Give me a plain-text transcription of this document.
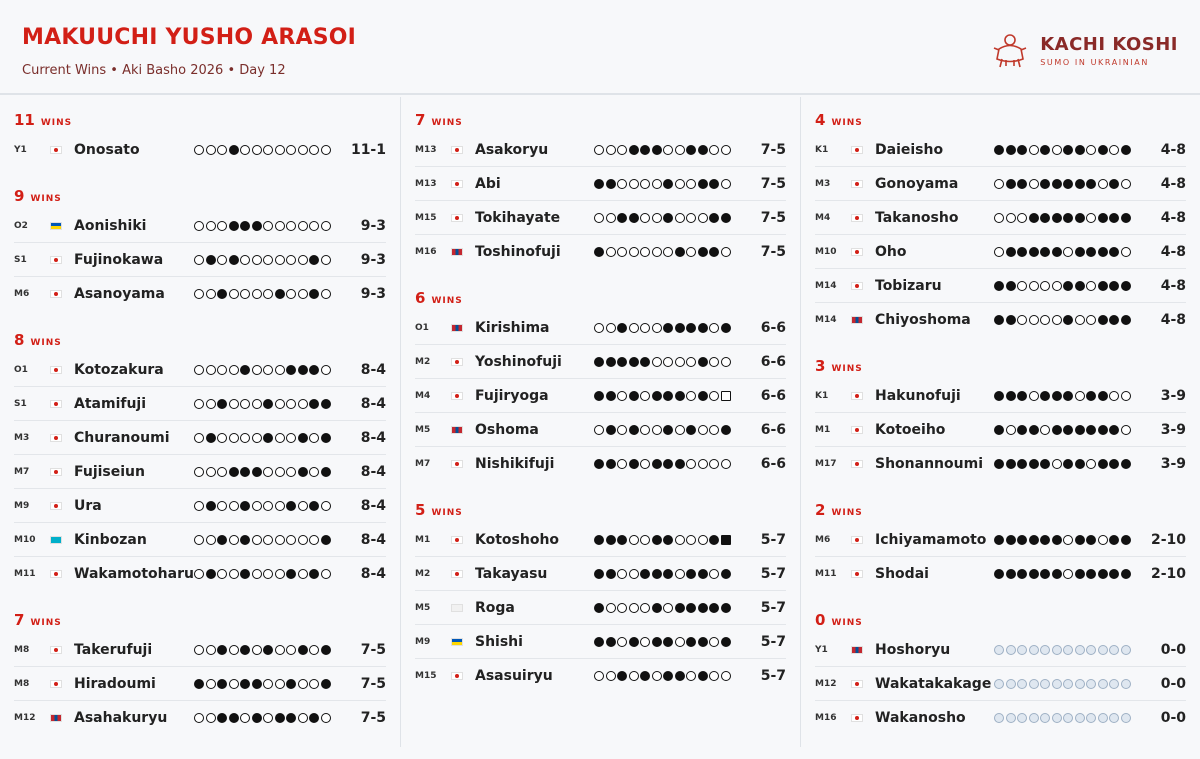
MAKUUCHI YUSHO ARASOI
Current Wins • Aki Basho 2026 • Day 12
KACHI KOSHI
SUMO IN UKRAINIAN
11 WINS
Y1	Onosato	11-1
9 WINS
O2	Aonishiki	9-3
S1	Fujinokawa	9-3
M6	Asanoyama	9-3
8 WINS
O1	Kotozakura	8-4
S1	Atamifuji	8-4
M3	Churanoumi	8-4
M7	Fujiseiun	8-4
M9	Ura	8-4
M10	Kinbozan	8-4
M11	Wakamotoharu	8-4
7 WINS
M8	Takerufuji	7-5
M8	Hiradoumi	7-5
M12	Asahakuryu	7-5
7 WINS
M13	Asakoryu	7-5
M13	Abi	7-5
M15	Tokihayate	7-5
M16	Toshinofuji	7-5
6 WINS
O1	Kirishima	6-6
M2	Yoshinofuji	6-6
M4	Fujiryoga	6-6
M5	Oshoma	6-6
M7	Nishikifuji	6-6
5 WINS
M1	Kotoshoho	5-7
M2	Takayasu	5-7
M5	Roga	5-7
M9	Shishi	5-7
M15	Asasuiryu	5-7
4 WINS
K1	Daieisho	4-8
M3	Gonoyama	4-8
M4	Takanosho	4-8
M10	Oho	4-8
M14	Tobizaru	4-8
M14	Chiyoshoma	4-8
3 WINS
K1	Hakunofuji	3-9
M1	Kotoeiho	3-9
M17	Shonannoumi	3-9
2 WINS
M6	Ichiyamamoto	2-10
M11	Shodai	2-10
0 WINS
Y1	Hoshoryu	0-0
M12	Wakatakakage	0-0
M16	Wakanosho	0-0
